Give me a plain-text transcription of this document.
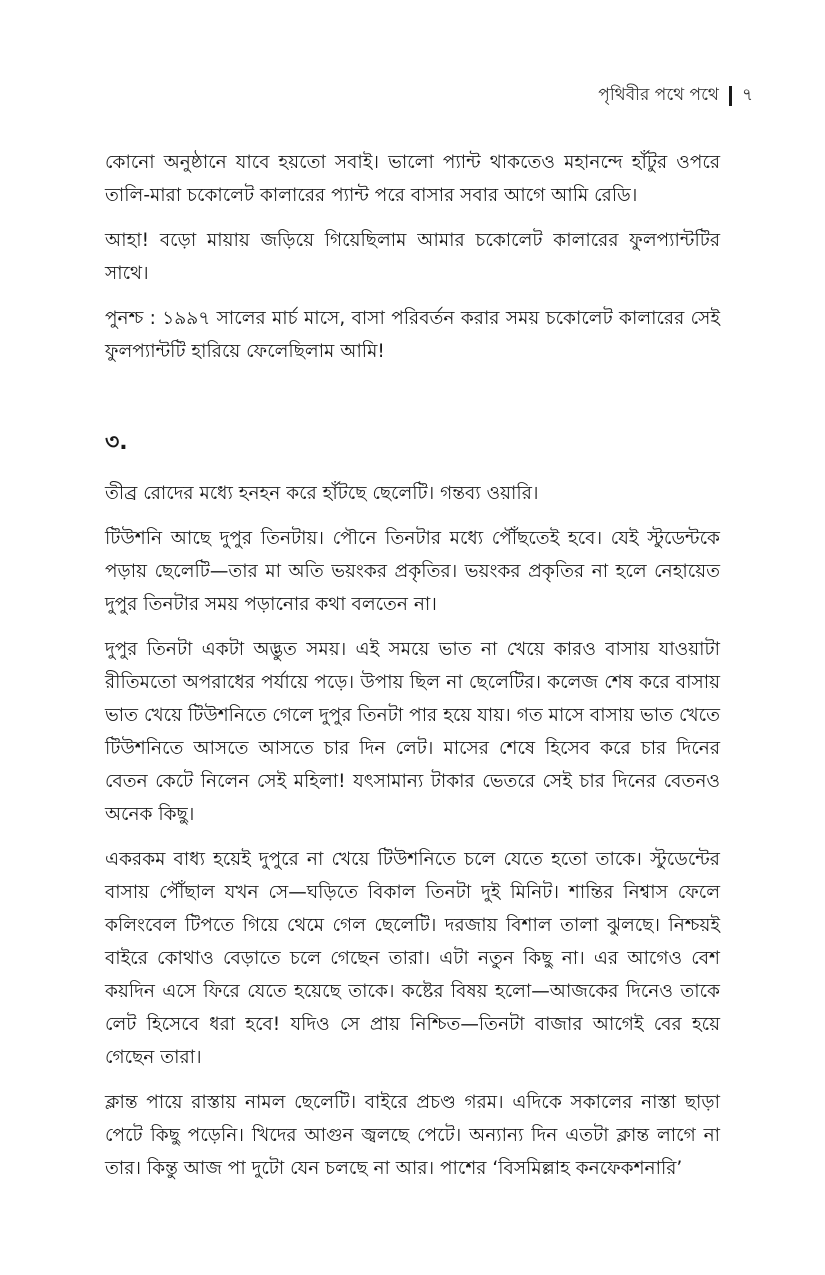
পৃথিবীর পথে পথে ৭

কোনো অনুষ্ঠানে যাবে হয়তো সবাই। ভালো প্যান্ট থাকতেও মহানন্দে হাঁটুর ওপরে তালি-মারা চকোলেট কালারের প্যান্ট পরে বাসার সবার আগে আমি রেডি।

আহা! বড়ো মায়ায় জড়িয়ে গিয়েছিলাম আমার চকোলেট কালারের ফুলপ্যান্টটির সাথে।

পুনশ্চ : ১৯৯৭ সালের মার্চ মাসে, বাসা পরিবর্তন করার সময় চকোলেট কালারের সেই ফুলপ্যান্টটি হারিয়ে ফেলেছিলাম আমি!

৩.

তীব্র রোদের মধ্যে হনহন করে হাঁটছে ছেলেটি। গন্তব্য ওয়ারি।

টিউশনি আছে দুপুর তিনটায়। পৌনে তিনটার মধ্যে পৌঁছতেই হবে। যেই স্টুডেন্টকে পড়ায় ছেলেটি—তার মা অতি ভয়ংকর প্রকৃতির। ভয়ংকর প্রকৃতির না হলে নেহায়েত দুপুর তিনটার সময় পড়ানোর কথা বলতেন না।

দুপুর তিনটা একটা অদ্ভুত সময়। এই সময়ে ভাত না খেয়ে কারও বাসায় যাওয়াটা রীতিমতো অপরাধের পর্যায়ে পড়ে। উপায় ছিল না ছেলেটির। কলেজ শেষ করে বাসায় ভাত খেয়ে টিউশনিতে গেলে দুপুর তিনটা পার হয়ে যায়। গত মাসে বাসায় ভাত খেতে টিউশনিতে আসতে আসতে চার দিন লেট। মাসের শেষে হিসেব করে চার দিনের বেতন কেটে নিলেন সেই মহিলা! যৎসামান্য টাকার ভেতরে সেই চার দিনের বেতনও অনেক কিছু।

একরকম বাধ্য হয়েই দুপুরে না খেয়ে টিউশনিতে চলে যেতে হতো তাকে। স্টুডেন্টের বাসায় পৌঁছাল যখন সে—ঘড়িতে বিকাল তিনটা দুই মিনিট। শান্তির নিশ্বাস ফেলে কলিংবেল টিপতে গিয়ে থেমে গেল ছেলেটি। দরজায় বিশাল তালা ঝুলছে। নিশ্চয়ই বাইরে কোথাও বেড়াতে চলে গেছেন তারা। এটা নতুন কিছু না। এর আগেও বেশ কয়দিন এসে ফিরে যেতে হয়েছে তাকে। কষ্টের বিষয় হলো—আজকের দিনেও তাকে লেট হিসেবে ধরা হবে! যদিও সে প্রায় নিশ্চিত—তিনটা বাজার আগেই বের হয়ে গেছেন তারা।

ক্লান্ত পায়ে রাস্তায় নামল ছেলেটি। বাইরে প্রচণ্ড গরম। এদিকে সকালের নাস্তা ছাড়া পেটে কিছু পড়েনি। খিদের আগুন জ্বলছে পেটে। অন্যান্য দিন এতটা ক্লান্ত লাগে না তার। কিন্তু আজ পা দুটো যেন চলছে না আর। পাশের ‘বিসমিল্লাহ কনফেকশনারি’
